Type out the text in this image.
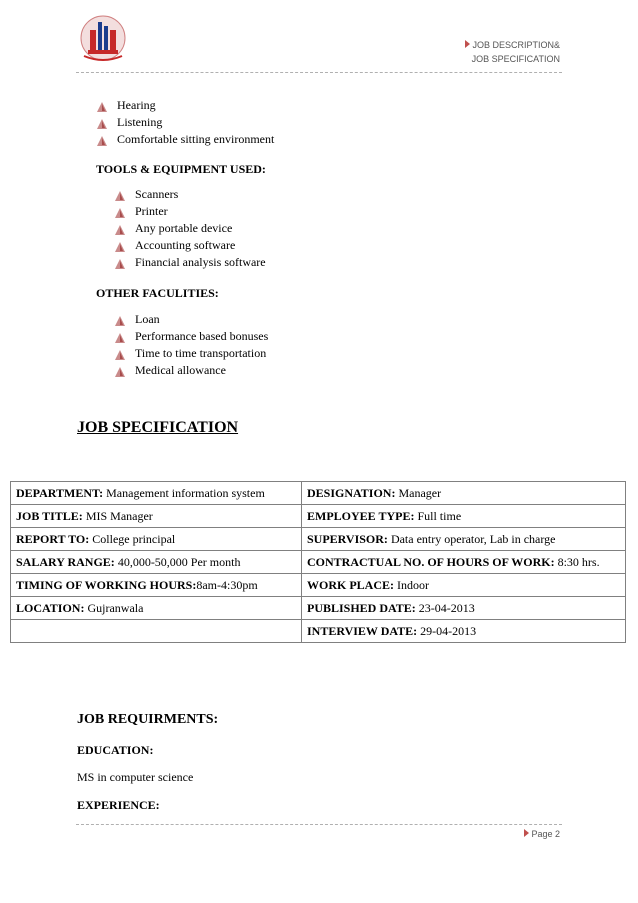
JOB DESCRIPTION&
JOB SPECIFICATION
Hearing
Listening
Comfortable sitting environment
TOOLS & EQUIPMENT USED:
Scanners
Printer
Any portable device
Accounting software
Financial analysis software
OTHER FACULITIES:
Loan
Performance based bonuses
Time to time transportation
Medical allowance
JOB SPECIFICATION
DEPARTMENT: Management information system	DESIGNATION: Manager
JOB TITLE: MIS Manager	EMPLOYEE TYPE: Full time
REPORT TO: College principal	SUPERVISOR: Data entry operator, Lab in charge
SALARY RANGE: 40,000-50,000 Per month	CONTRACTUAL NO. OF HOURS OF WORK: 8:30 hrs.
TIMING OF WORKING HOURS:8am-4:30pm	WORK PLACE: Indoor
LOCATION: Gujranwala	PUBLISHED DATE: 23-04-2013
	INTERVIEW DATE: 29-04-2013
JOB REQUIRMENTS:
EDUCATION:
MS in computer science
EXPERIENCE:
Page 2
